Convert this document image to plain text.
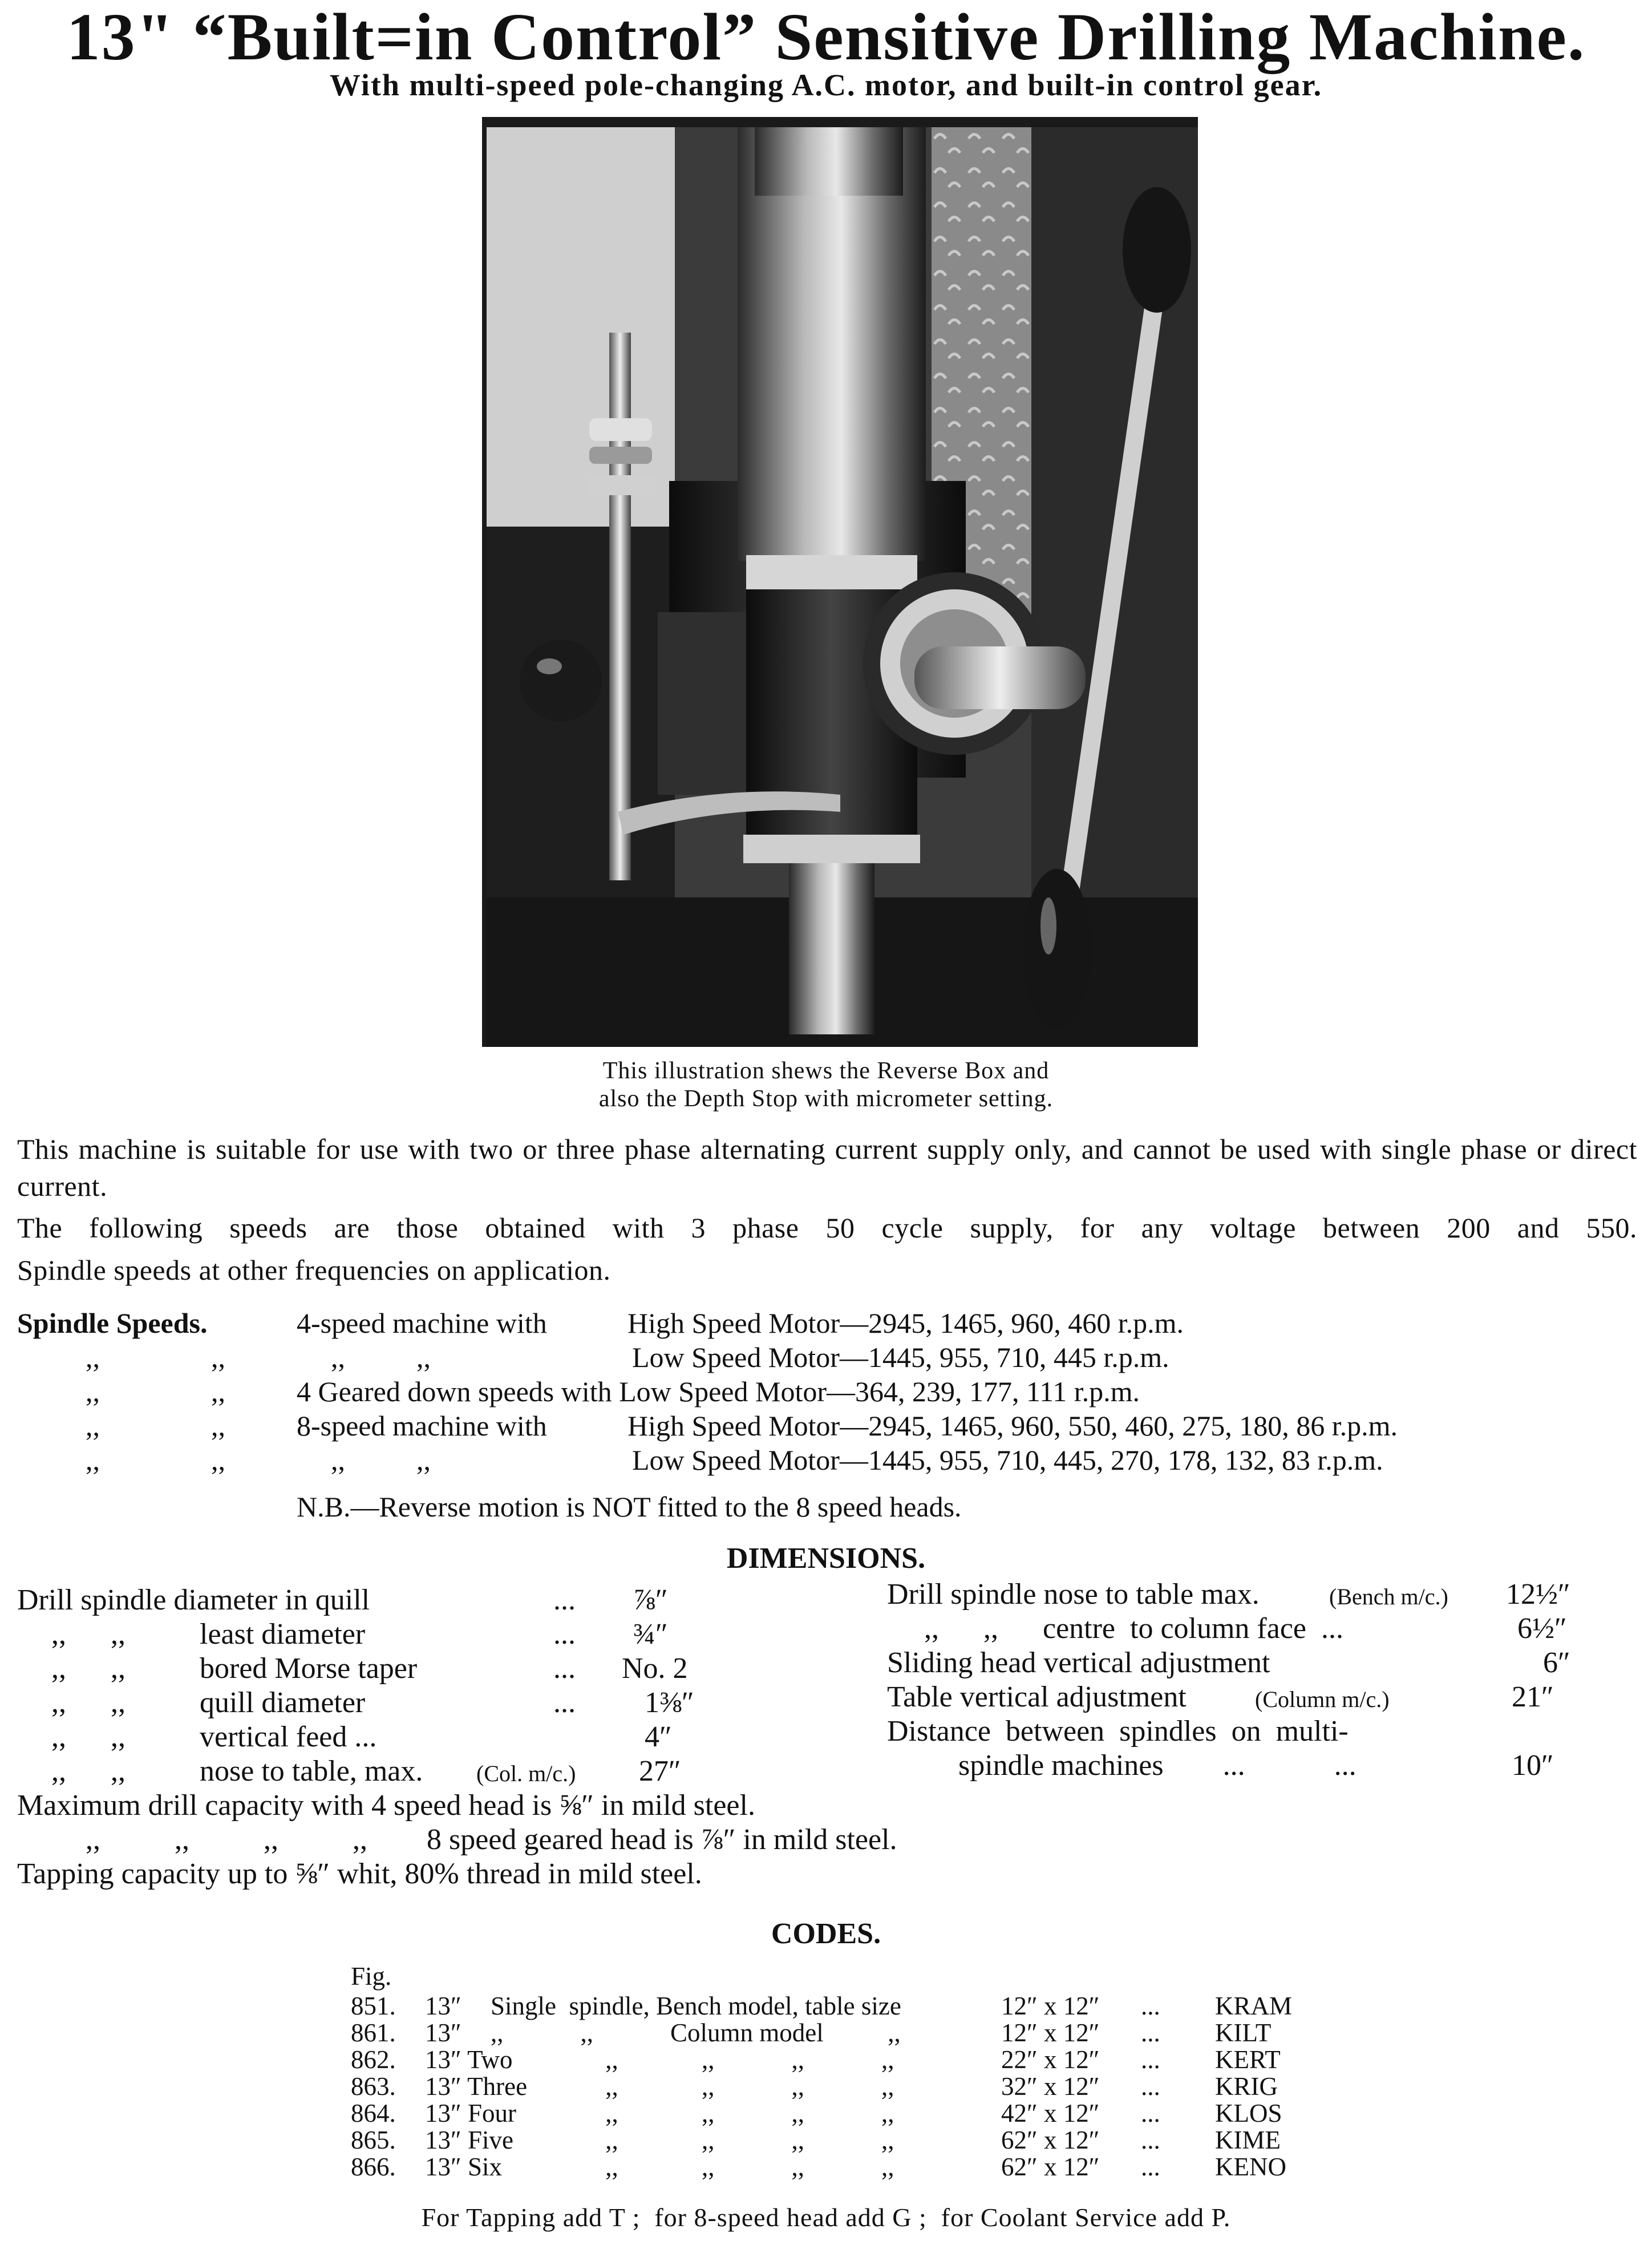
13" “Built=in Control” Sensitive Drilling Machine.
With multi-speed pole-changing A.C. motor, and built-in control gear.

This illustration shews the Reverse Box and
also the Depth Stop with micrometer setting.
This machine is suitable for use with two or three phase alternating current supply only, and cannot be used with single phase or direct current.
The following speeds are those obtained with 3 phase 50 cycle supply, for any voltage between 200 and 550.
Spindle speeds at other frequencies on application.
Spindle Speeds.	4-speed machine with	High Speed Motor—2945, 1465, 960, 460 r.p.m.
,,	,,	,,          ,,	Low Speed Motor—1445, 955, 710, 445 r.p.m.
,,	,,	4 Geared down speeds with Low Speed Motor—364, 239, 177, 111 r.p.m.
,,	,,	8-speed machine with	High Speed Motor—2945, 1465, 960, 550, 460, 275, 180, 86 r.p.m.
,,	,,	,,          ,,	Low Speed Motor—1445, 955, 710, 445, 270, 178, 132, 83 r.p.m.
N.B.—Reverse motion is NOT fitted to the 8 speed heads.
DIMENSIONS.
Drill spindle diameter in quill	... ⅞″
,,      ,,	least diameter	... ¾″
,,      ,,	bored Morse taper	... No. 2
,,      ,,	quill diameter	... 1⅜″
,,      ,,	vertical feed ...	4″
,,      ,,	nose to table, max. (Col. m/c.) 27″
Drill spindle nose to table max.	(Bench m/c.) 12½″
,,      ,,      centre  to column face  ...	6½″
Sliding head vertical adjustment	6″
Table vertical adjustment	(Column m/c.)	21″
Distance  between  spindles  on  multi-
spindle machines        ...            ...	10″
Maximum drill capacity with 4 speed head is ⅝″ in mild steel.
,,          ,,          ,,          ,, 8 speed geared head is ⅞″ in mild steel.
Tapping capacity up to ⅝″ whit, 80% thread in mild steel.
CODES.
Fig.
851. 13″ Single  spindle, Bench model, table size	12″ x 12″ ... KRAM
861. 13″ ,,            ,,            Column model          ,,	12″ x 12″ ... KILT
862. 13″ Two ,,             ,,            ,,            ,,	22″ x 12″ ... KERT
863. 13″ Three ,,             ,,            ,,            ,,	32″ x 12″ ... KRIG
864. 13″ Four ,,             ,,            ,,            ,,	42″ x 12″ ... KLOS
865. 13″ Five ,,             ,,            ,,            ,,	62″ x 12″ ... KIME
866. 13″ Six ,,             ,,            ,,            ,,	62″ x 12″ ... KENO
For Tapping add T ;  for 8-speed head add G ;  for Coolant Service add P.
